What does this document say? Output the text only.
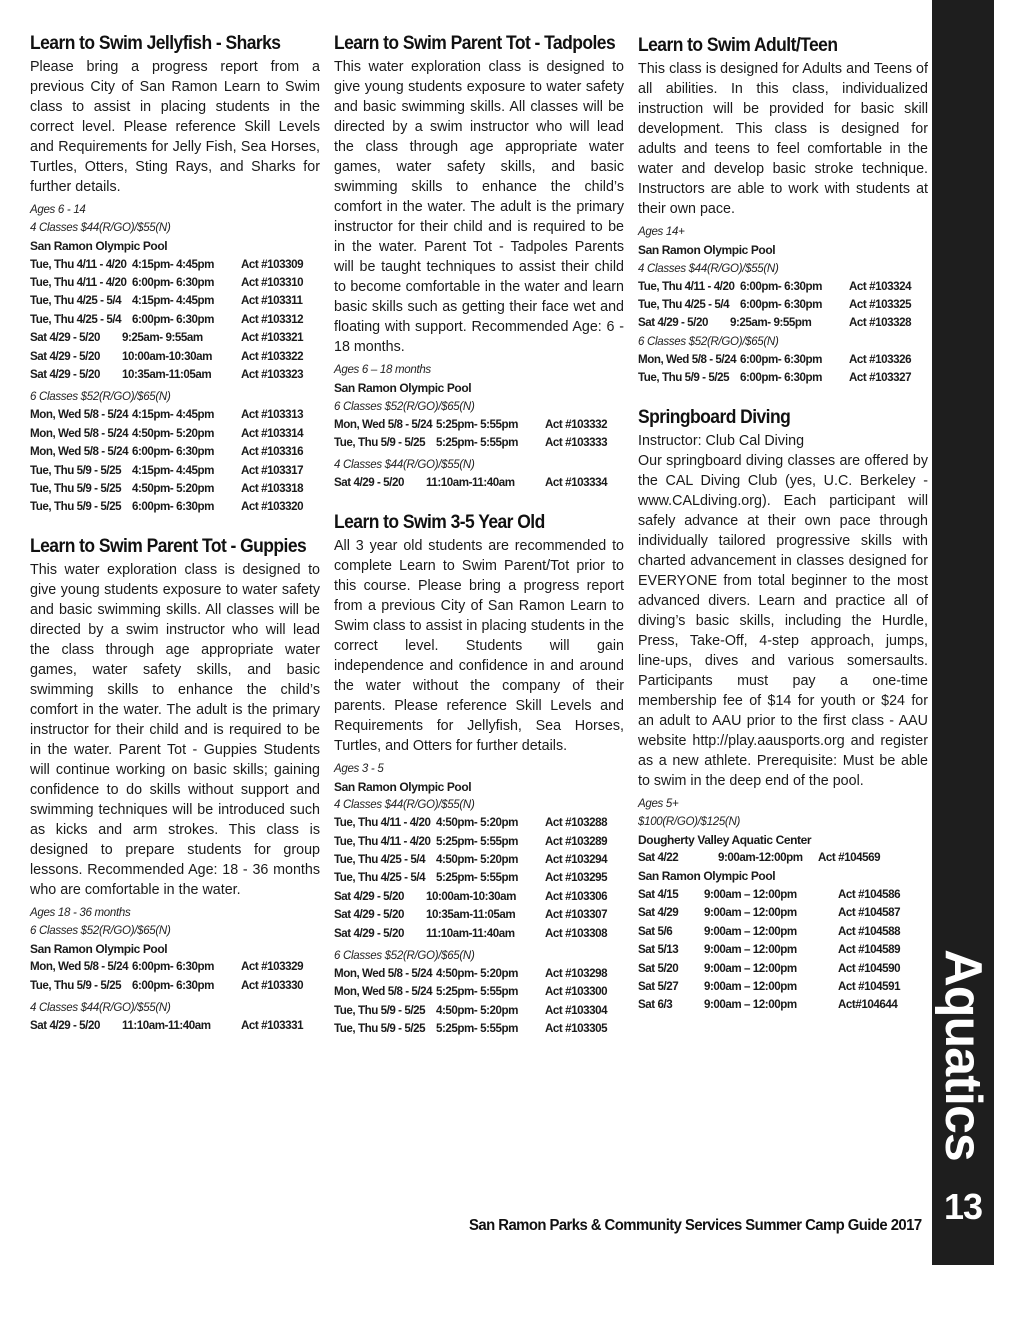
Learn to Swim Jellyfish - Sharks

Please bring a progress report from a previous City of San Ramon Learn to Swim class to assist in placing students in the correct level. Please reference Skill Levels and Requirements for Jelly Fish, Sea Horses, Turtles, Otters, Sting Rays, and Sharks for further details.

Ages 6 - 14

4 Classes $44(R/GO)/$55(N)

San Ramon Olympic Pool

Tue, Thu 4/11 - 4/20 4:15pm- 4:45pm	Act #103309
Tue, Thu 4/11 - 4/20 6:00pm- 6:30pm	Act #103310
Tue, Thu 4/25 - 5/4 4:15pm- 4:45pm	Act #103311
Tue, Thu 4/25 - 5/4 6:00pm- 6:30pm	Act #103312
Sat 4/29 - 5/20	9:25am- 9:55am	Act #103321
Sat 4/29 - 5/20	10:00am-10:30am	Act #103322
Sat 4/29 - 5/20	10:35am-11:05am	Act #103323

6 Classes $52(R/GO)/$65(N)

Mon, Wed 5/8 - 5/24 4:15pm- 4:45pm	Act #103313
Mon, Wed 5/8 - 5/24 4:50pm- 5:20pm	Act #103314
Mon, Wed 5/8 - 5/24 6:00pm- 6:30pm	Act #103316
Tue, Thu 5/9 - 5/25 4:15pm- 4:45pm	Act #103317
Tue, Thu 5/9 - 5/25 4:50pm- 5:20pm	Act #103318
Tue, Thu 5/9 - 5/25 6:00pm- 6:30pm	Act #103320
Learn to Swim Parent Tot - Guppies

This water exploration class is designed to give young students exposure to water safety and basic swimming skills. All classes will be directed by a swim instructor who will lead the class through age appropriate water games, water safety skills, and basic swimming skills to enhance the child’s comfort in the water. The adult is the primary instructor for their child and is required to be in the water. Parent Tot - Guppies Students will continue working on basic skills; gaining confidence to do skills without support and swimming techniques will be introduced such as kicks and arm strokes. This class is designed to prepare students for group lessons. Recommended Age: 18 - 36 months who are comfortable in the water.

Ages 18 - 36 months

6 Classes $52(R/GO)/$65(N)

San Ramon Olympic Pool

Mon, Wed 5/8 - 5/24 6:00pm- 6:30pm	Act #103329
Tue, Thu 5/9 - 5/25 6:00pm- 6:30pm	Act #103330

4 Classes $44(R/GO)/$55(N)

Sat 4/29 - 5/20	11:10am-11:40am	Act #103331
Learn to Swim Parent Tot - Tadpoles

This water exploration class is designed to give young students exposure to water safety and basic swimming skills. All classes will be directed by a swim instructor who will lead the class through age appropriate water games, water safety skills, and basic swimming skills to enhance the child’s comfort in the water. The adult is the primary instructor for their child and is required to be in the water. Parent Tot - Tadpoles Parents will be taught techniques to assist their child to become comfortable in the water and learn basic skills such as getting their face wet and floating with support. Recommended Age: 6 - 18 months.

Ages 6 – 18 months

San Ramon Olympic Pool

6 Classes $52(R/GO)/$65(N)

Mon, Wed 5/8 - 5/24 5:25pm- 5:55pm	Act #103332
Tue, Thu 5/9 - 5/25 5:25pm- 5:55pm	Act #103333

4 Classes $44(R/GO)/$55(N)

Sat 4/29 - 5/20	11:10am-11:40am	Act #103334
Learn to Swim 3-5 Year Old

All 3 year old students are recommended to complete Learn to Swim Parent/Tot prior to this course. Please bring a progress report from a previous City of San Ramon Learn to Swim class to assist in placing students in the correct level. Students will gain independence and confidence in and around the water without the company of their parents. Please reference Skill Levels and Requirements for Jellyfish, Sea Horses, Turtles, and Otters for further details.

Ages 3 - 5

San Ramon Olympic Pool

4 Classes $44(R/GO)/$55(N)

Tue, Thu 4/11 - 4/20 4:50pm- 5:20pm	Act #103288
Tue, Thu 4/11 - 4/20 5:25pm- 5:55pm	Act #103289
Tue, Thu 4/25 - 5/4 4:50pm- 5:20pm	Act #103294
Tue, Thu 4/25 - 5/4 5:25pm- 5:55pm	Act #103295
Sat 4/29 - 5/20	10:00am-10:30am	Act #103306
Sat 4/29 - 5/20	10:35am-11:05am	Act #103307
Sat 4/29 - 5/20	11:10am-11:40am	Act #103308

6 Classes $52(R/GO)/$65(N)

Mon, Wed 5/8 - 5/24 4:50pm- 5:20pm	Act #103298
Mon, Wed 5/8 - 5/24 5:25pm- 5:55pm	Act #103300
Tue, Thu 5/9 - 5/25 4:50pm- 5:20pm	Act #103304
Tue, Thu 5/9 - 5/25 5:25pm- 5:55pm	Act #103305
Learn to Swim Adult/Teen

This class is designed for Adults and Teens of all abilities. In this class, individualized instruction will be provided for basic skill development. This class is designed for adults and teens to feel comfortable in the water and develop basic stroke technique. Instructors are able to work with students at their own pace.

Ages 14+

San Ramon Olympic Pool

4 Classes $44(R/GO)/$55(N)

Tue, Thu 4/11 - 4/20 6:00pm- 6:30pm	Act #103324
Tue, Thu 4/25 - 5/4 6:00pm- 6:30pm	Act #103325
Sat 4/29 - 5/20	9:25am- 9:55pm	Act #103328

6 Classes $52(R/GO)/$65(N)

Mon, Wed 5/8 - 5/24 6:00pm- 6:30pm	Act #103326
Tue, Thu 5/9 - 5/25 6:00pm- 6:30pm	Act #103327
Springboard Diving

Instructor: Club Cal Diving

Our springboard diving classes are offered by the CAL Diving Club (yes, U.C. Berkeley - www.CALdiving.org). Each participant will safely advance at their own pace through individually tailored progressive skills with charted advancement in classes designed for EVERYONE from total beginner to the most advanced divers. Learn and practice all of diving’s basic skills, including the Hurdle, Press, Take-Off, 4-step approach, jumps, line-ups, dives and various somersaults. Participants must pay a one-time membership fee of $14 for youth or $24 for an adult to AAU prior to the first class - AAU website http://play.aausports.org and register as a new athlete. Prerequisite: Must be able to swim in the deep end of the pool.

Ages 5+

$100(R/GO)/$125(N)

Dougherty Valley Aquatic Center

Sat 4/22	9:00am-12:00pm	Act #104569

San Ramon Olympic Pool

Sat 4/15	9:00am – 12:00pm	Act #104586
Sat 4/29	9:00am – 12:00pm	Act #104587
Sat 5/6	9:00am – 12:00pm	Act #104588
Sat 5/13	9:00am – 12:00pm	Act #104589
Sat 5/20	9:00am – 12:00pm	Act #104590
Sat 5/27	9:00am – 12:00pm	Act #104591
Sat 6/3	9:00am – 12:00pm	Act#104644 Aquatics
13
San Ramon Parks & Community Services Summer Camp Guide 2017
